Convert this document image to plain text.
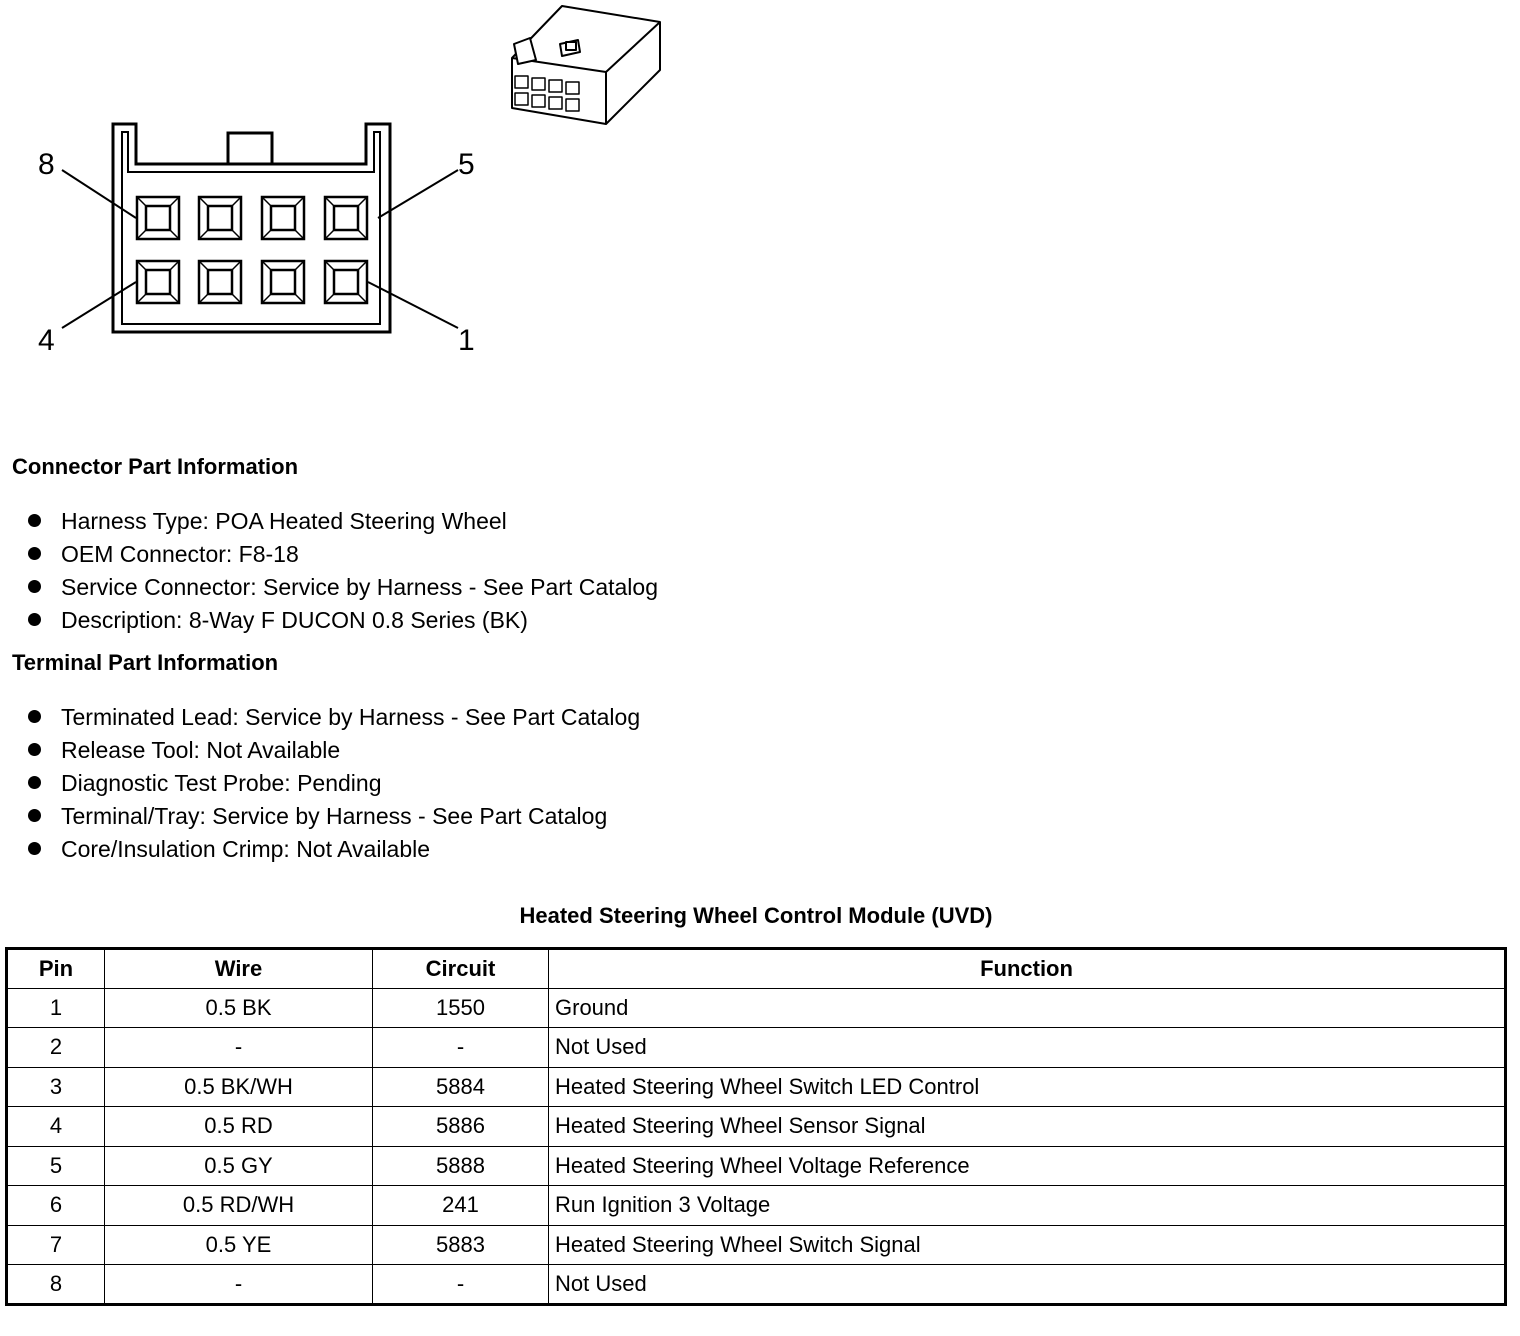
8	5
4	1
Connector Part Information
Harness Type: POA Heated Steering Wheel
OEM Connector: F8-18
Service Connector: Service by Harness - See Part Catalog
Description: 8-Way F DUCON 0.8 Series (BK)
Terminal Part Information
Terminated Lead: Service by Harness - See Part Catalog
Release Tool: Not Available
Diagnostic Test Probe: Pending
Terminal/Tray: Service by Harness - See Part Catalog
Core/Insulation Crimp: Not Available
Heated Steering Wheel Control Module (UVD)
Pin	Wire	Circuit	Function
1	0.5 BK	1550	Ground
2	-	-	Not Used
3	0.5 BK/WH	5884	Heated Steering Wheel Switch LED Control
4	0.5 RD	5886	Heated Steering Wheel Sensor Signal
5	0.5 GY	5888	Heated Steering Wheel Voltage Reference
6	0.5 RD/WH	241	Run Ignition 3 Voltage
7	0.5 YE	5883	Heated Steering Wheel Switch Signal
8	-	-	Not Used
